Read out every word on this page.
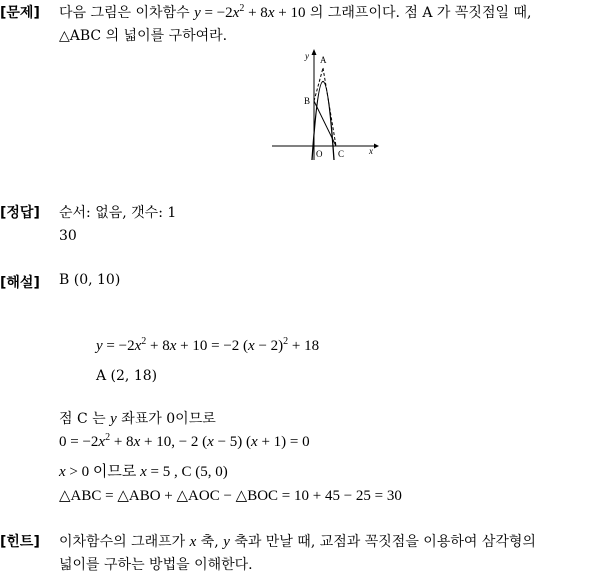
[문제] 다음 그림은 이차함수 $y = -2x^2 + 8x + 10$ 의 그래프이다. 점 A 가 꼭짓점일 때,
△ABC 의 넓이를 구하여라.
y
x
A
B
O C
[정답] 순서: 없음, 갯수: 1
30
[해설] B (0, 10)
$y = -2x^2 + 8x + 10 = -2$ $(x - 2)^2 + 18$
A (2, 18)
점 C 는 y 좌표가 0이므로
$0 = -2x^2 + 8x + 10$, − 2 (x − 5) (x + 1) = 0
x > 0 이므로 x = 5 , C (5, 0)
△ABC = △ABO + △AOC − △BOC = 10 + 45 − 25 = 30
[힌트] 이차함수의 그래프가 x 축, y 축과 만날 때, 교점과 꼭짓점을 이용하여 삼각형의
넓이를 구하는 방법을 이해한다.
